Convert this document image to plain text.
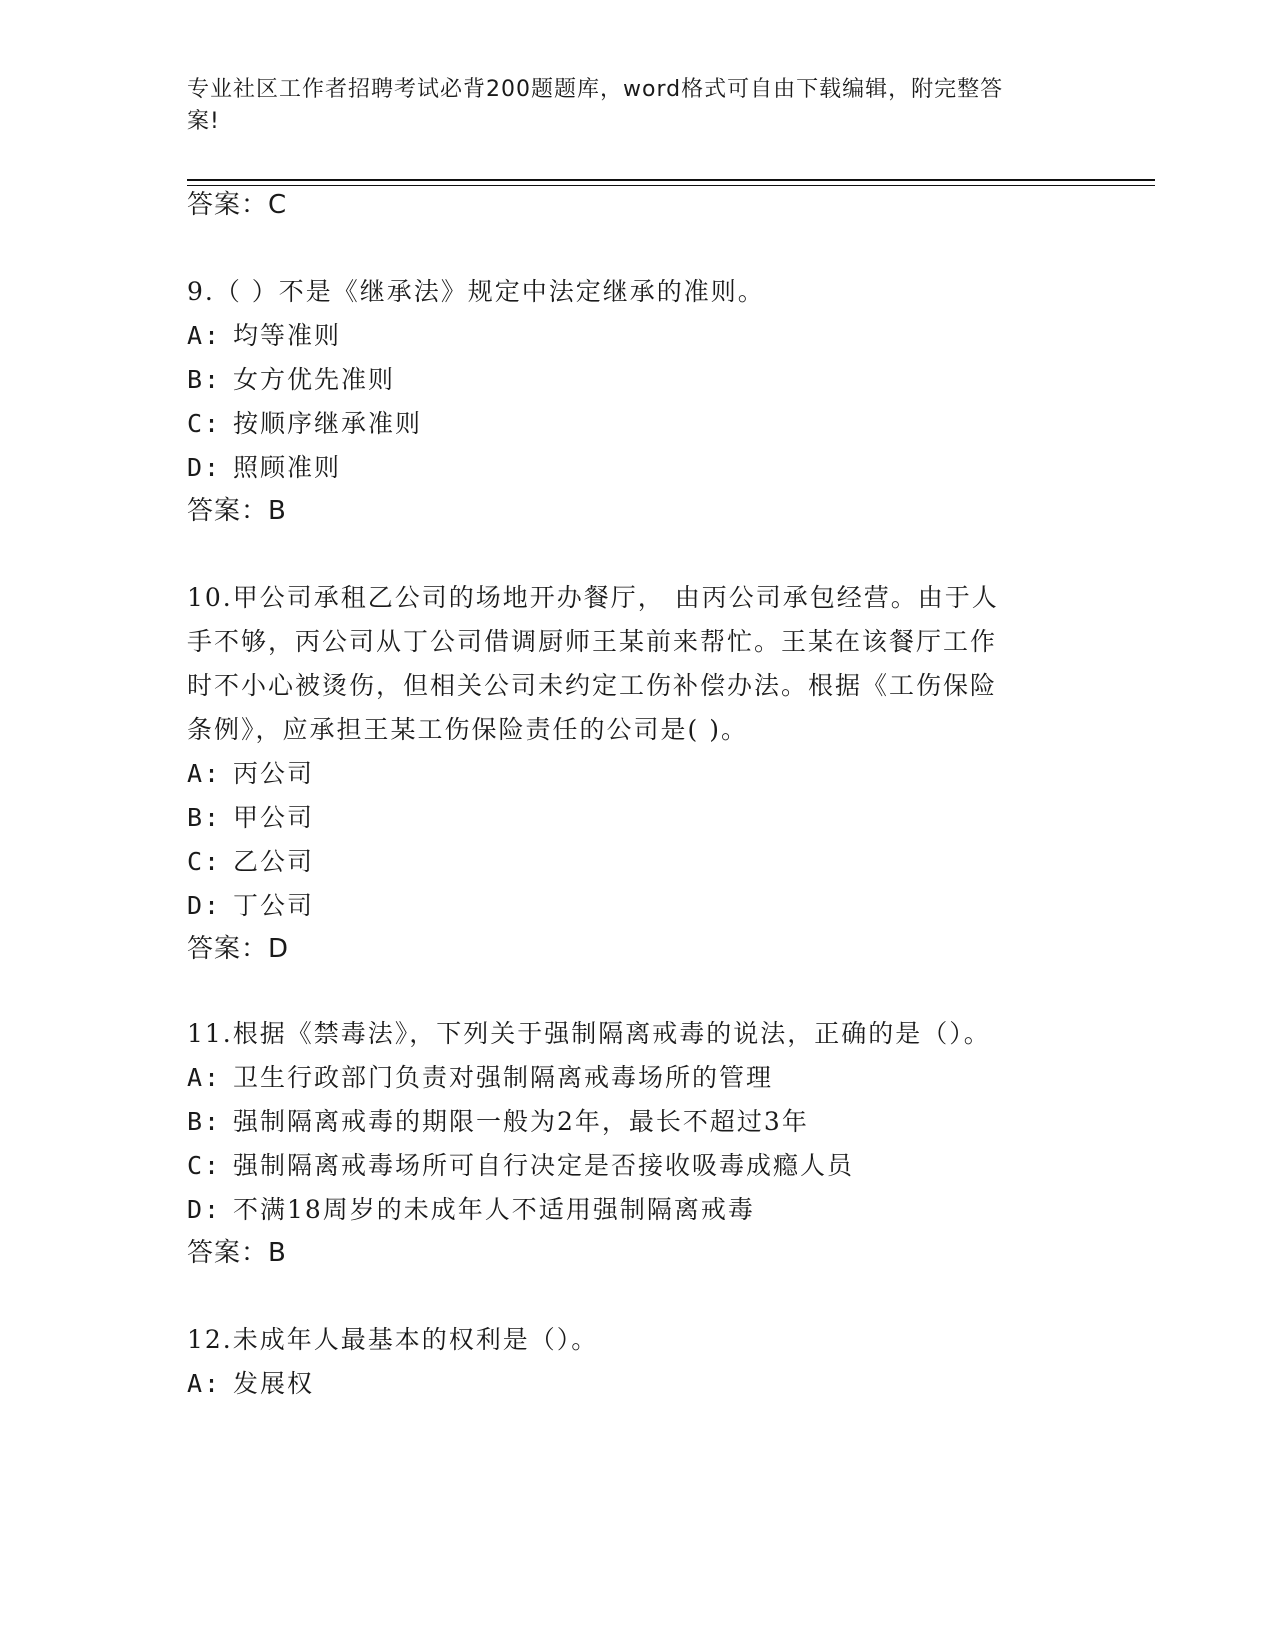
专业社区工作者招聘考试必背200题题库，word格式可自由下载编辑，附完整答
案!
答案：C
9.（ ）不是《继承法》规定中法定继承的准则。
A: 均等准则
B: 女方优先准则
C: 按顺序继承准则
D: 照顾准则
答案：B
10.甲公司承租乙公司的场地开办餐厅， 由丙公司承包经营。由于人
手不够，丙公司从丁公司借调厨师王某前来帮忙。王某在该餐厅工作
时不小心被烫伤，但相关公司未约定工伤补偿办法。根据《工伤保险
条例》，应承担王某工伤保险责任的公司是( )。
A: 丙公司
B: 甲公司
C: 乙公司
D: 丁公司
答案：D
11.根据《禁毒法》，下列关于强制隔离戒毒的说法，正确的是（）。
A: 卫生行政部门负责对强制隔离戒毒场所的管理
B: 强制隔离戒毒的期限一般为2年，最长不超过3年
C: 强制隔离戒毒场所可自行决定是否接收吸毒成瘾人员
D: 不满18周岁的未成年人不适用强制隔离戒毒
答案：B
12.未成年人最基本的权利是（）。
A: 发展权
